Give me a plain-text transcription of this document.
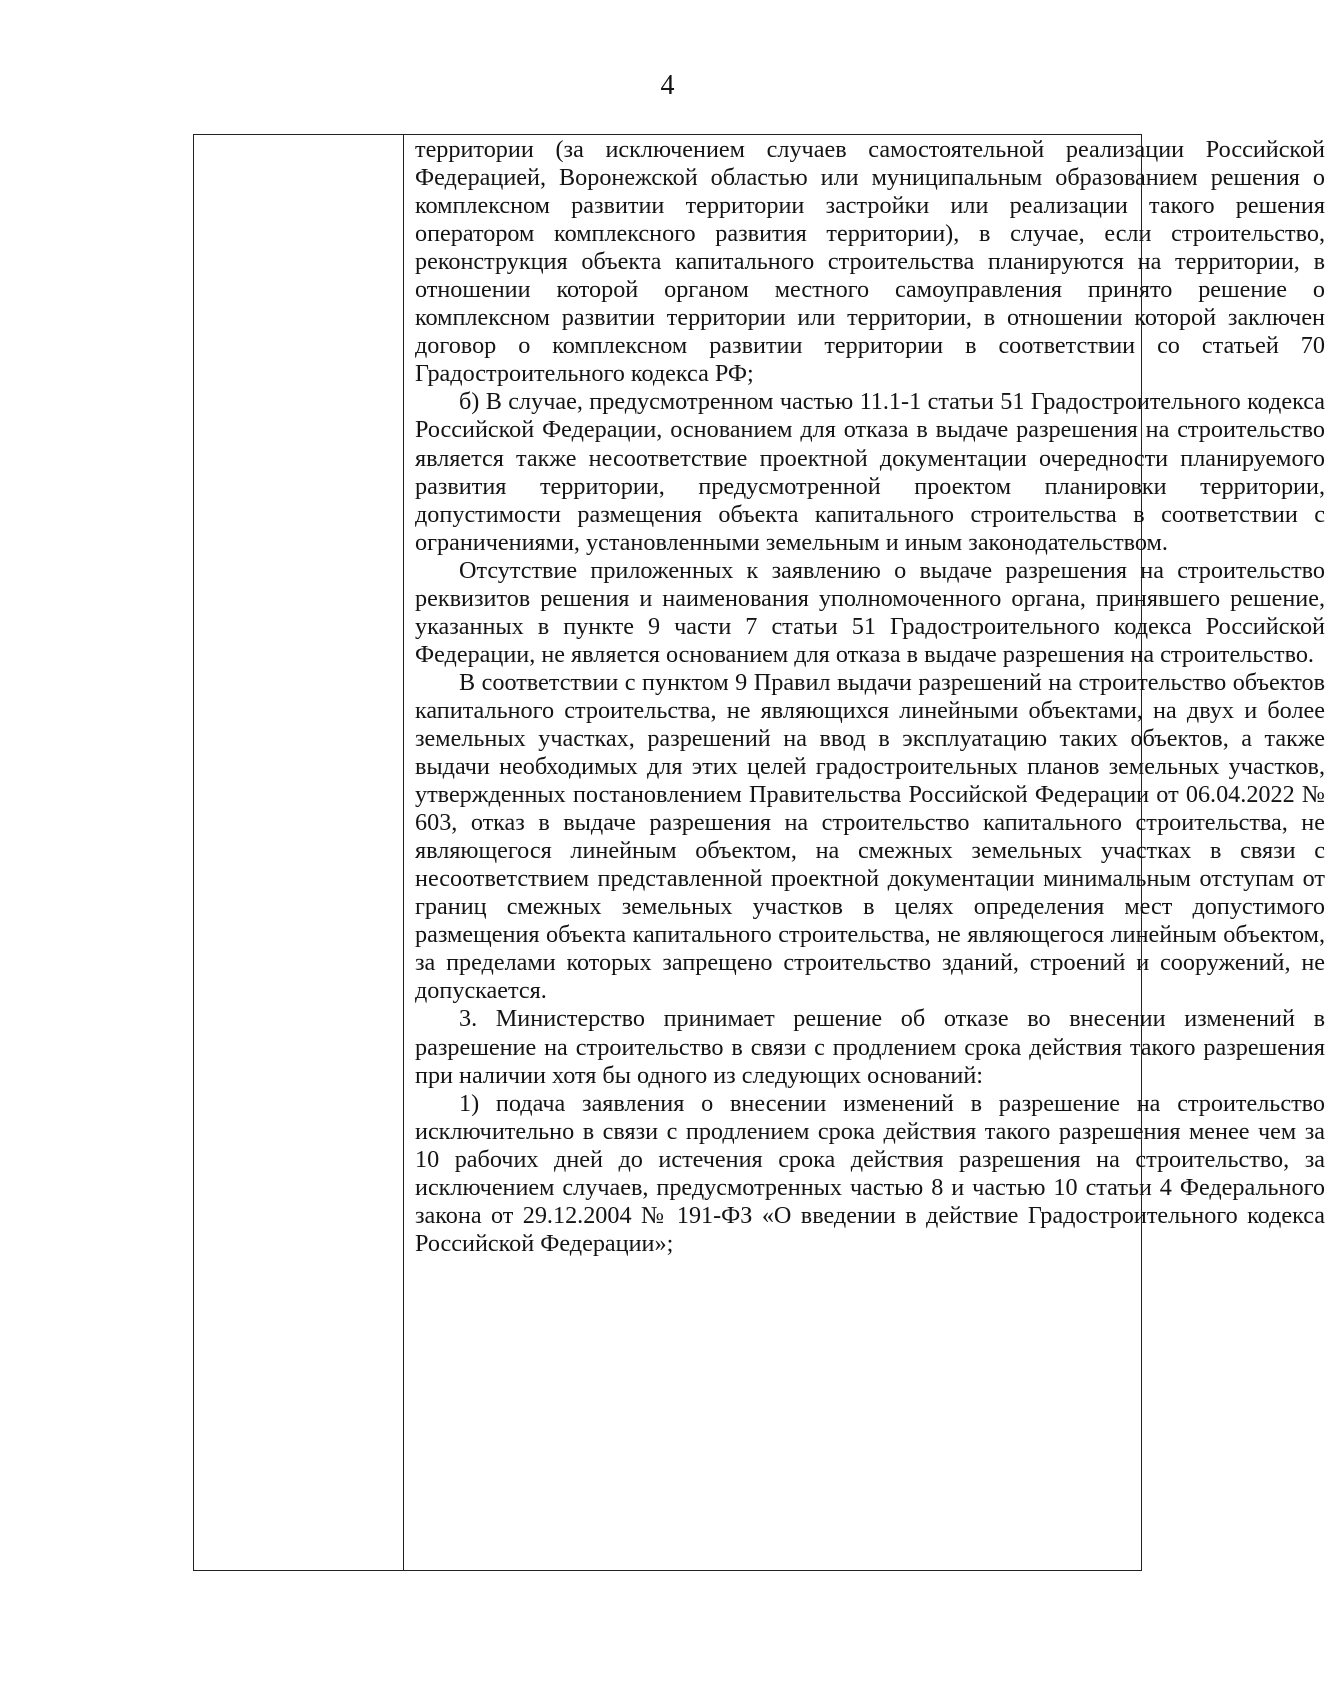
4

территории (за исключением случаев самостоятельной реализации Российской Федерацией, Воронежской областью или муниципальным образованием решения о комплексном развитии территории застройки или реализации такого решения оператором комплексного развития территории), в случае, если строительство, реконструкция объекта капитального строительства планируются на территории, в отношении которой органом местного самоуправления принято решение о комплексном развитии территории или территории, в отношении которой заключен договор о комплексном развитии территории в соответствии со статьей 70 Градостроительного кодекса РФ;

б) В случае, предусмотренном частью 11.1-1 статьи 51 Градостроительного кодекса Российской Федерации, основанием для отказа в выдаче разрешения на строительство является также несоответствие проектной документации очередности планируемого развития территории, предусмотренной проектом планировки территории, допустимости размещения объекта капитального строительства в соответствии с ограничениями, установленными земельным и иным законодательством.

Отсутствие приложенных к заявлению о выдаче разрешения на строительство реквизитов решения и наименования уполномоченного органа, принявшего решение, указанных в пункте 9 части 7 статьи 51 Градостроительного кодекса Российской Федерации, не является основанием для отказа в выдаче разрешения на строительство.

В соответствии с пунктом 9 Правил выдачи разрешений на строительство объектов капитального строительства, не являющихся линейными объектами, на двух и более земельных участках, разрешений на ввод в эксплуатацию таких объектов, а также выдачи необходимых для этих целей градостроительных планов земельных участков, утвержденных постановлением Правительства Российской Федерации от 06.04.2022 № 603, отказ в выдаче разрешения на строительство капитального строительства, не являющегося линейным объектом, на смежных земельных участках в связи с несоответствием представленной проектной документации минимальным отступам от границ смежных земельных участков в целях определения мест допустимого размещения объекта капитального строительства, не являющегося линейным объектом, за пределами которых запрещено строительство зданий, строений и сооружений, не допускается.

3. Министерство принимает решение об отказе во внесении изменений в разрешение на строительство в связи с продлением срока действия такого разрешения при наличии хотя бы одного из следующих оснований:

1) подача заявления о внесении изменений в разрешение на строительство исключительно в связи с продлением срока действия такого разрешения менее чем за 10 рабочих дней до истечения срока действия разрешения на строительство, за исключением случаев, предусмотренных частью 8 и частью 10 статьи 4 Федерального закона от 29.12.2004 № 191-ФЗ «О введении в действие Градостроительного кодекса Российской Федерации»;
